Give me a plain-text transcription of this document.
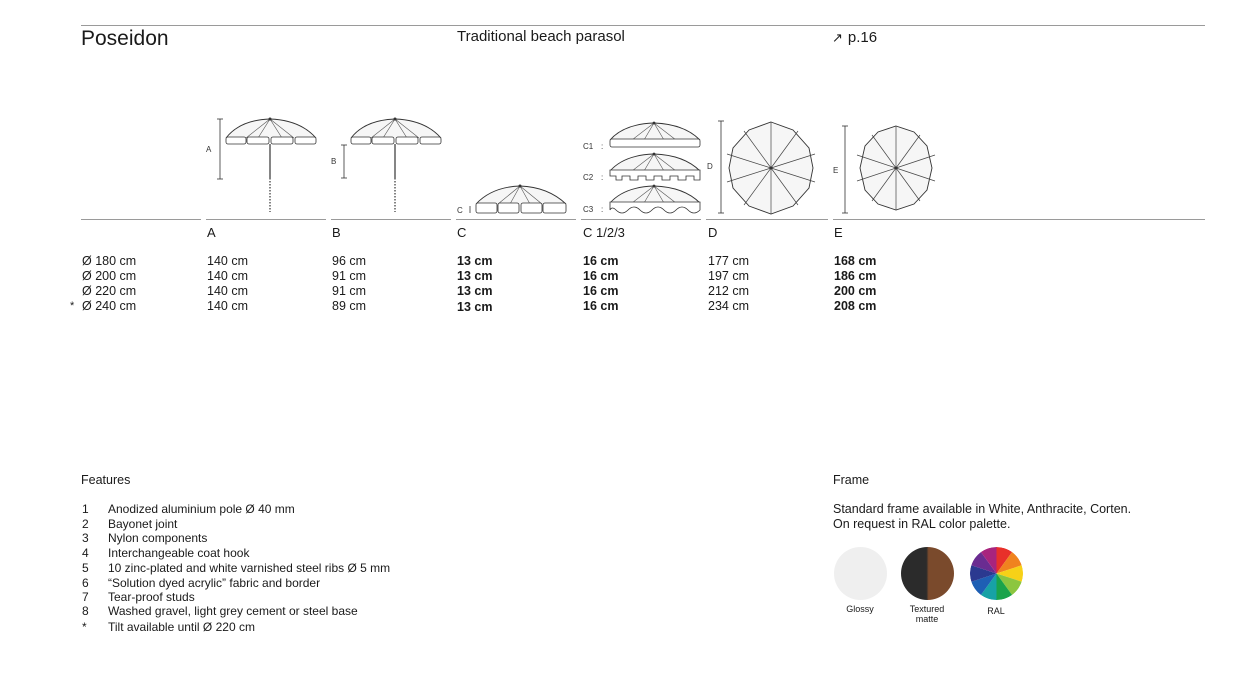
Poseidon	Traditional beach parasol	↗ p.16
A
B
C
C1 :
C2 :
C3 :
D	E
A	B	C	C 1/2/3	D	E
Ø 180 cm	140 cm	96 cm	13 cm	16 cm	177 cm	168 cm
Ø 200 cm	140 cm	91 cm	13 cm	16 cm	197 cm	186 cm
Ø 220 cm	140 cm	91 cm	13 cm	16 cm	212 cm	200 cm
* Ø 240 cm	140 cm	89 cm	13 cm	16 cm	234 cm	208 cm
Features
1 Anodized aluminium pole Ø 40 mm
2 Bayonet joint
3 Nylon components
4 Interchangeable coat hook
5 10 zinc-plated and white varnished steel ribs Ø 5 mm
6 “Solution dyed acrylic” fabric and border
7 Tear-proof studs
8 Washed gravel, light grey cement or steel base
* Tilt available until Ø 220 cm
Frame
Standard frame available in White, Anthracite, Corten.
On request in RAL color palette.
Glossy	Textured
matte
RAL
